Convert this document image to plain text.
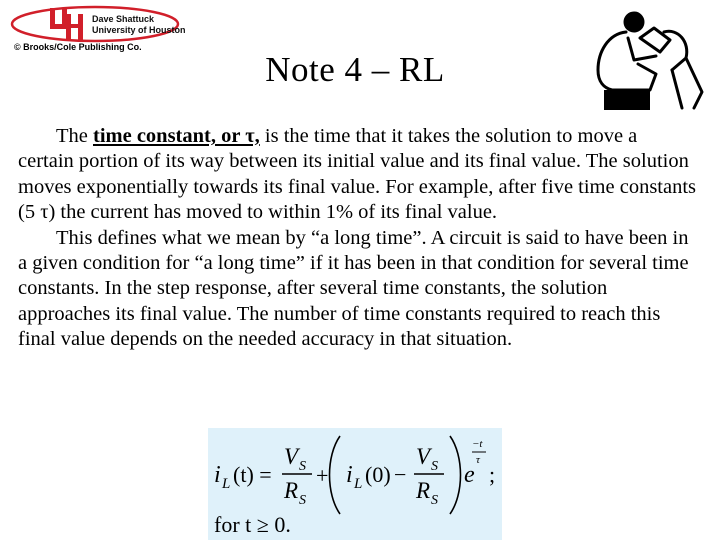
Dave Shattuck
University of Houston
© Brooks/Cole Publishing Co.
Note 4 – RL

The time constant, or τ, is the time that it takes the solution to move a certain portion of its way between its initial value and its final value. The solution moves exponentially towards its final value. For example, after five time constants (5 τ) the current has moved to within 1% of its final value.

This defines what we mean by “a long time”. A circuit is said to have been in a given condition for “a long time” if it has been in that condition for several time constants. In the step response, after several time constants, the solution approaches its final value. The number of time constants required to reach this final value depends on the needed accuracy in that situation.

i L (t) =
V S
R S
+ i L (0) −
V S
R S
e
−t
τ
;
for t ≥ 0.
